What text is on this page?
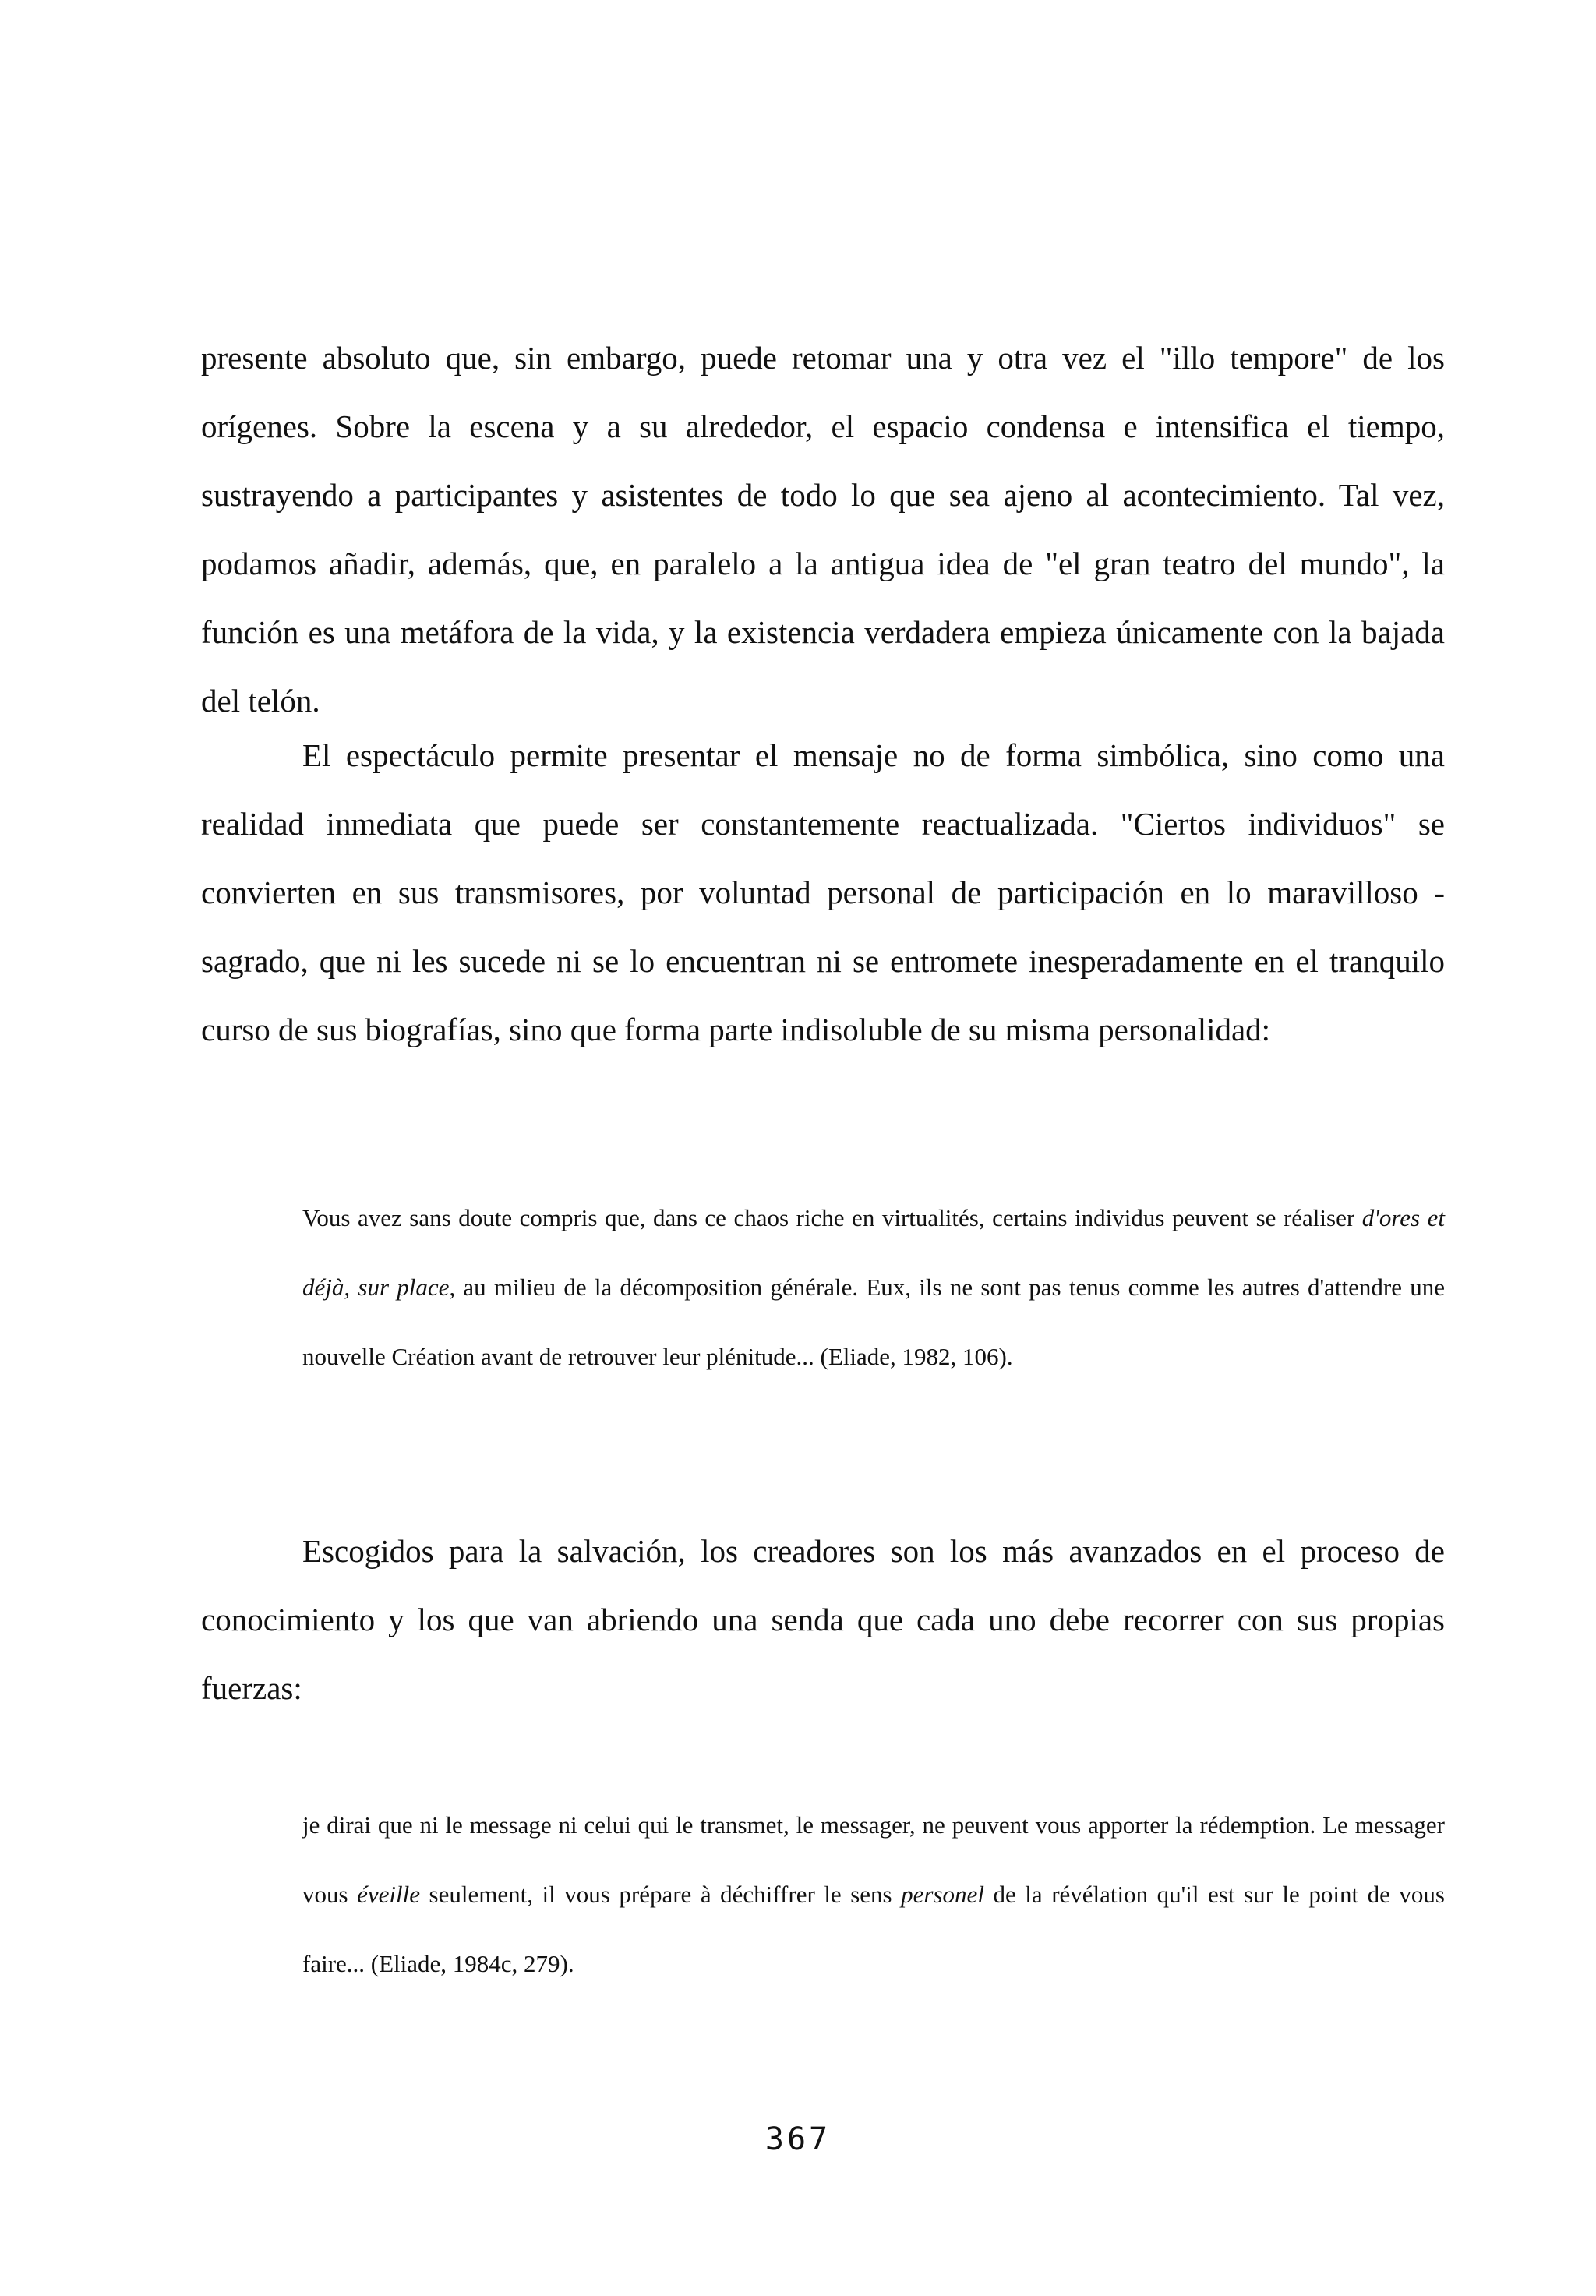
presente absoluto que, sin embargo, puede retomar una y otra vez el "illo tempore" de los orígenes. Sobre la escena y a su alrededor, el espacio condensa e intensifica el tiempo, sustrayendo a participantes y asistentes de todo lo que sea ajeno al acontecimiento. Tal vez, podamos añadir, además, que, en paralelo a la antigua idea de "el gran teatro del mundo", la función es una metáfora de la vida, y la existencia verdadera empieza únicamente con la bajada del telón.

El espectáculo permite presentar el mensaje no de forma simbólica, sino como una realidad inmediata que puede ser constantemente reactualizada. "Ciertos individuos" se convierten en sus transmisores, por voluntad personal de participación en lo maravilloso - sagrado, que ni les sucede ni se lo encuentran ni se entromete inesperadamente en el tranquilo curso de sus biografías, sino que forma parte indisoluble de su misma personalidad:

Vous avez sans doute compris que, dans ce chaos riche en virtualités, certains individus peuvent se réaliser d'ores et déjà, sur place, au milieu de la décomposition générale. Eux, ils ne sont pas tenus comme les autres d'attendre une nouvelle Création avant de retrouver leur plénitude... (Eliade, 1982, 106).

Escogidos para la salvación, los creadores son los más avanzados en el proceso de conocimiento y los que van abriendo una senda que cada uno debe recorrer con sus propias fuerzas:

je dirai que ni le message ni celui qui le transmet, le messager, ne peuvent vous apporter la rédemption. Le messager vous éveille seulement, il vous prépare à déchiffrer le sens personel de la révélation qu'il est sur le point de vous faire... (Eliade, 1984c, 279).

367
